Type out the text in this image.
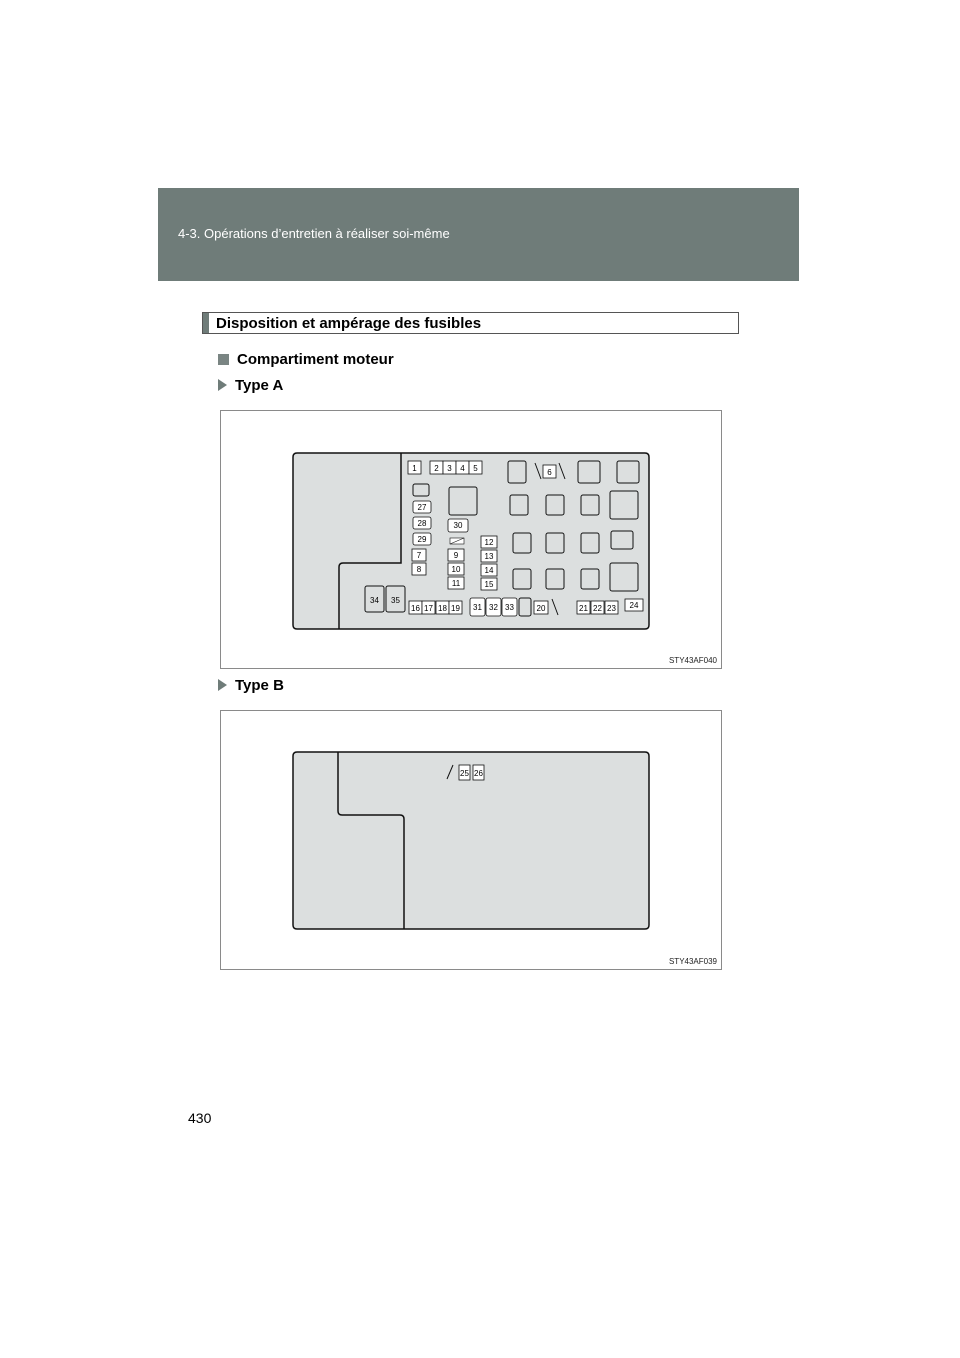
4-3. Opérations d’entretien à réaliser soi-même
Disposition et ampérage des fusibles
Compartiment moteur
Type A
1 2 3 4 5	6
27
28
29
30
7
8
9
10
11
12
13
14
15
34 35
16 17 18 19 31 32 33	20	21 22 23 24
STY43AF040
Type B
25 26
STY43AF039
430
